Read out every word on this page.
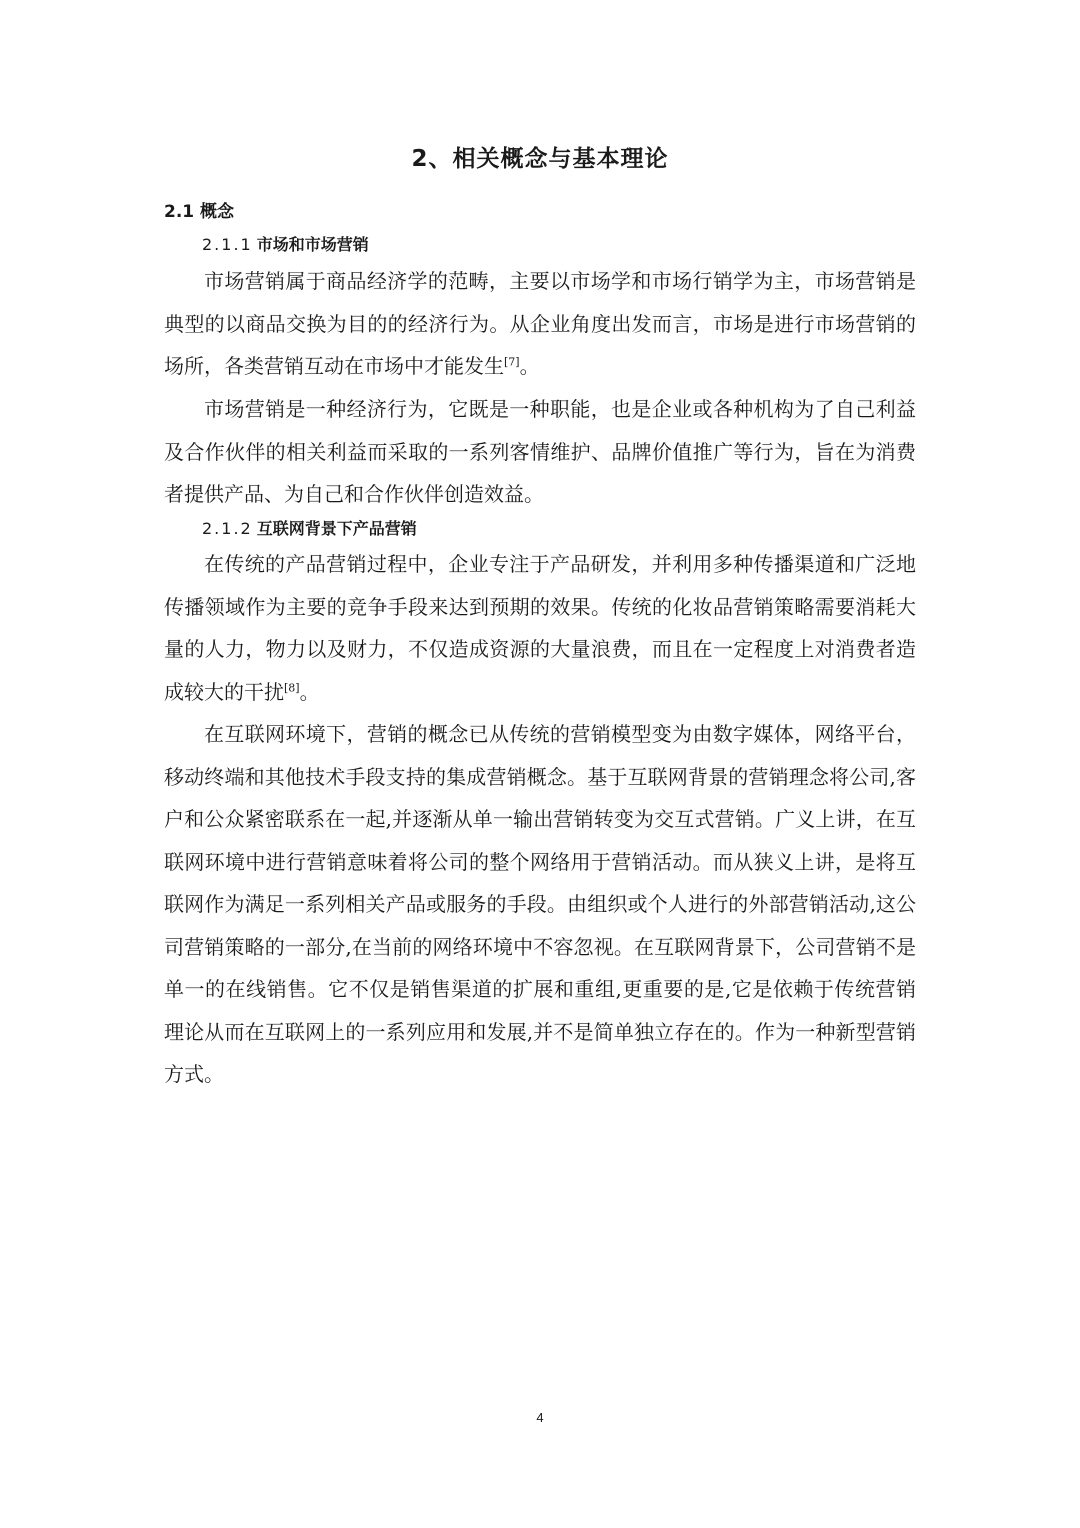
2、相关概念与基本理论
2.1 概念
2.1.1 市场和市场营销

市场营销属于商品经济学的范畴，主要以市场学和市场行销学为主，市场营销是典型的以商品交换为目的的经济行为。从企业角度出发而言，市场是进行市场营销的场所，各类营销互动在市场中才能发生[7]。

市场营销是一种经济行为，它既是一种职能，也是企业或各种机构为了自己利益及合作伙伴的相关利益而采取的一系列客情维护、品牌价值推广等行为，旨在为消费者提供产品、为自己和合作伙伴创造效益。

2.1.2 互联网背景下产品营销

在传统的产品营销过程中，企业专注于产品研发，并利用多种传播渠道和广泛地传播领域作为主要的竞争手段来达到预期的效果。传统的化妆品营销策略需要消耗大量的人力，物力以及财力，不仅造成资源的大量浪费，而且在一定程度上对消费者造成较大的干扰[8]。

在互联网环境下，营销的概念已从传统的营销模型变为由数字媒体，网络平台，移动终端和其他技术手段支持的集成营销概念。基于互联网背景的营销理念将公司,客户和公众紧密联系在一起,并逐渐从单一输出营销转变为交互式营销。广义上讲，在互联网环境中进行营销意味着将公司的整个网络用于营销活动。而从狭义上讲，是将互联网作为满足一系列相关产品或服务的手段。由组织或个人进行的外部营销活动,这公司营销策略的一部分,在当前的网络环境中不容忽视。在互联网背景下，公司营销不是单一的在线销售。它不仅是销售渠道的扩展和重组,更重要的是,它是依赖于传统营销理论从而在互联网上的一系列应用和发展,并不是简单独立存在的。作为一种新型营销方式。

4
